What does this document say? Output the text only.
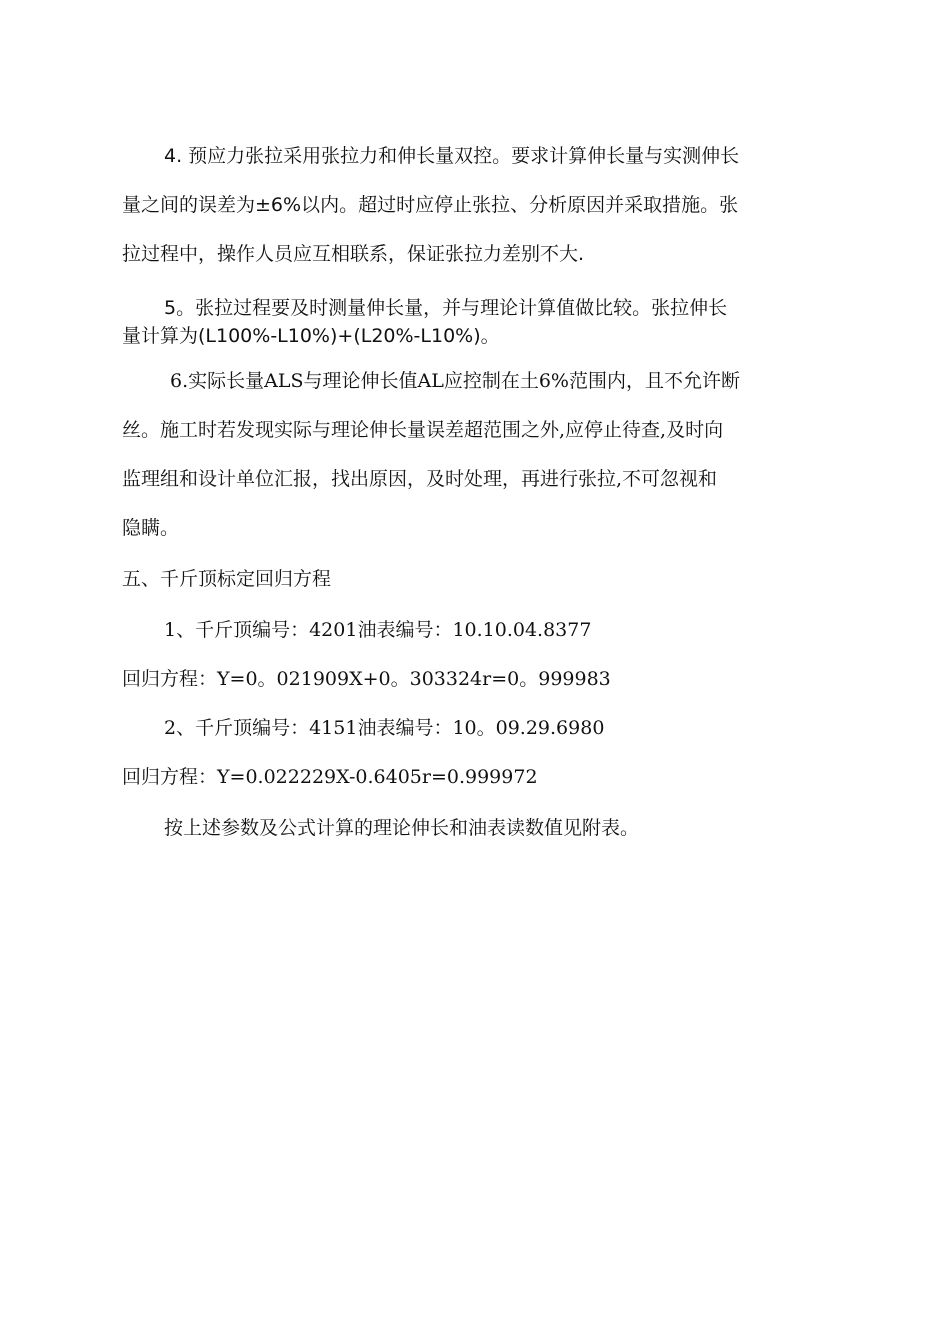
4. 预应力张拉采用张拉力和伸长量双控。要求计算伸长量与实测伸长
量之间的误差为±6%以内。超过时应停止张拉、分析原因并采取措施。张
拉过程中，操作人员应互相联系，保证张拉力差别不大.
5。张拉过程要及时测量伸长量，并与理论计算值做比较。张拉伸长
量计算为(L100%-L10%)+(L20%-L10%)。
6.实际长量ALS与理论伸长值AL应控制在土6%范围内，且不允许断
丝。施工时若发现实际与理论伸长量误差超范围之外,应停止待查,及时向
监理组和设计单位汇报，找出原因，及时处理，再进行张拉,不可忽视和
隐瞒。
五、千斤顶标定回归方程
1、千斤顶编号：4201油表编号：10.10.04.8377
回归方程：Y=0。021909X+0。303324r=0。999983
2、千斤顶编号：4151油表编号：10。09.29.6980
回归方程：Y=0.022229X-0.6405r=0.999972
按上述参数及公式计算的理论伸长和油表读数值见附表。
